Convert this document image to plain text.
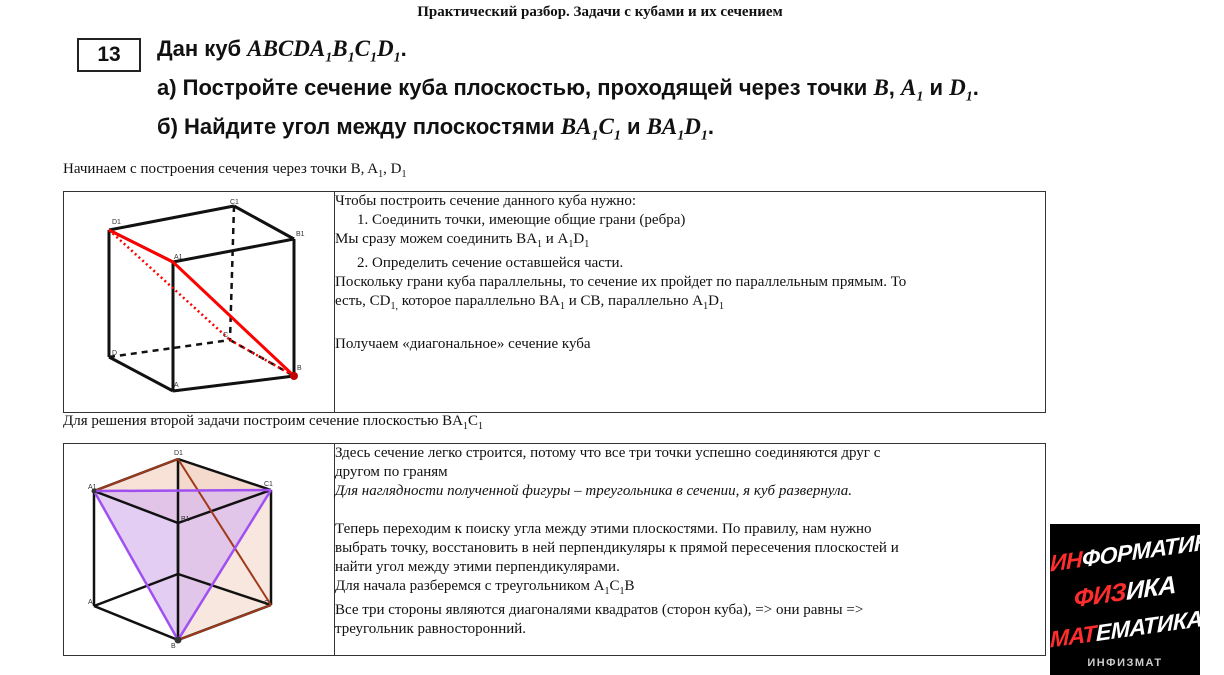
Практический разбор. Задачи с кубами и их сечением
13	Дан куб $ABCDA_1B_1C_1D_1$.
а) Постройте сечение куба плоскостью, проходящей через точки B, $A_1$ и $D_1$.
б) Найдите угол между плоскостями $BA_1C_1$ и $BA_1D_1$.
Начинаем с построения сечения через точки B, $A_1$, $D_1$
D1
C1
B1
A1
D
C
B
A

Чтобы построить сечение данного куба нужно:
1. Соединить точки, имеющие общие грани (ребра)
Мы сразу можем соединить $BA_1$ и $A_1D_1$
2. Определить сечение оставшейся части.
Поскольку грани куба параллельны, то сечение их пройдет по параллельным прямым. То
есть, $CD_{1,}$ которое параллельно $BA_1$ и CB, параллельно $A_1D_1$
Получаем «диагональное» сечение куба
Для решения второй задачи построим сечение плоскостью $BA_1C_1$
D1
A1	C1
B1
A	C
B

Здесь сечение легко строится, потому что все три точки успешно соединяются друг с
другом по граням
Для наглядности полученной фигуры – треугольника в сечении, я куб развернула.
Теперь переходим к поиску угла между этими плоскостями. По правилу, нам нужно
выбрать точку, восстановить в ней перпендикуляры к прямой пересечения плоскостей и
найти угол между этими перпендикулярами.
Для начала разберемся с треугольником $A_1C_1B$
Все три стороны являются диагоналями квадратов (сторон куба), => они равны =>
треугольник равносторонний.
ИНФОРМАТИКА
ФИЗИКА
МАТЕМАТИКА
ИНФИЗМАТ
